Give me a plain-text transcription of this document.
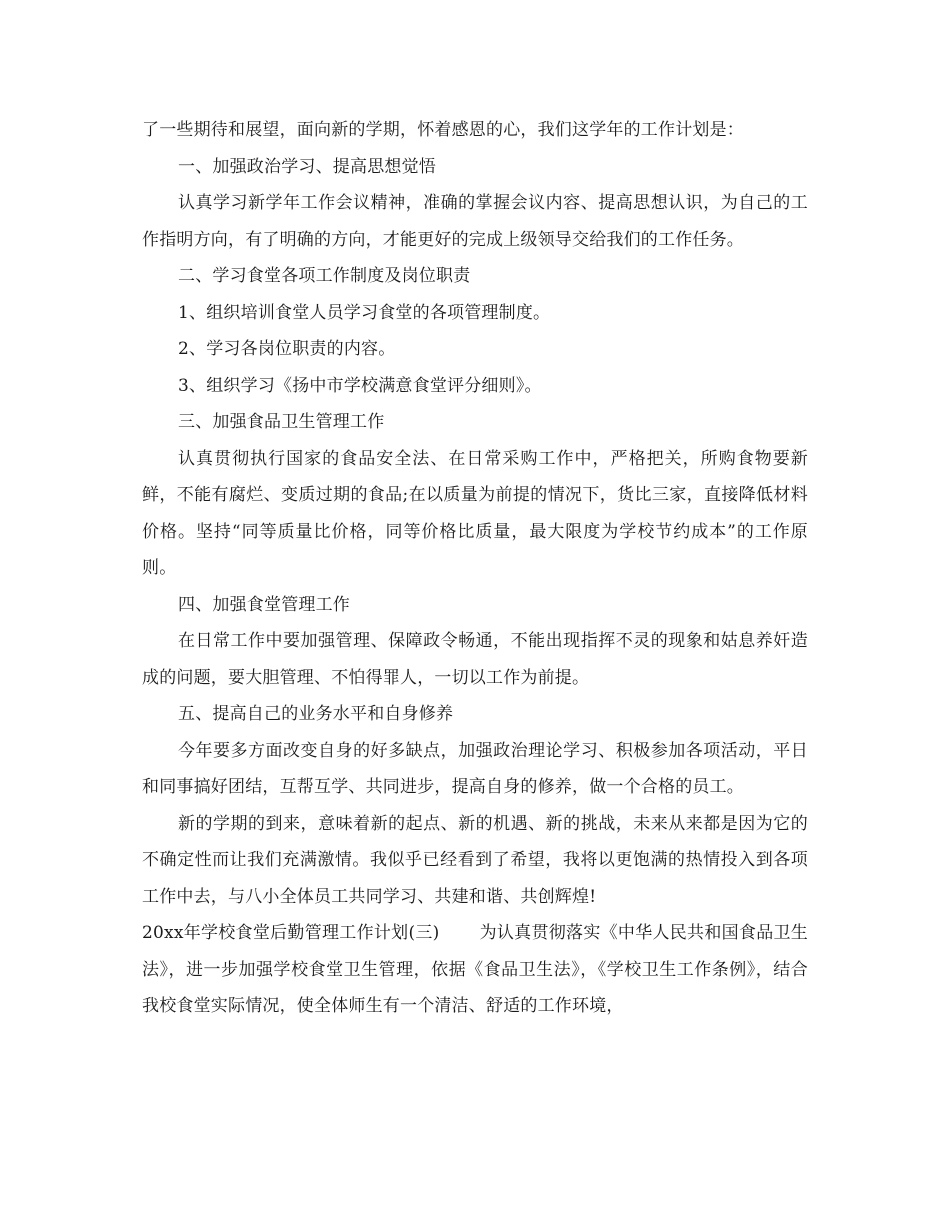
了一些期待和展望，面向新的学期，怀着感恩的心，我们这学年的工作计划是：

一、加强政治学习、提高思想觉悟

认真学习新学年工作会议精神，准确的掌握会议内容、提高思想认识，为自己的工作指明方向，有了明确的方向，才能更好的完成上级领导交给我们的工作任务。

二、学习食堂各项工作制度及岗位职责

1、组织培训食堂人员学习食堂的各项管理制度。

2、学习各岗位职责的内容。

3、组织学习《扬中市学校满意食堂评分细则》。

三、加强食品卫生管理工作

认真贯彻执行国家的食品安全法、在日常采购工作中，严格把关，所购食物要新鲜，不能有腐烂、变质过期的食品;在以质量为前提的情况下，货比三家，直接降低材料价格。坚持“同等质量比价格，同等价格比质量，最大限度为学校节约成本”的工作原则。

四、加强食堂管理工作

在日常工作中要加强管理、保障政令畅通，不能出现指挥不灵的现象和姑息养奸造成的问题，要大胆管理、不怕得罪人，一切以工作为前提。

五、提高自己的业务水平和自身修养

今年要多方面改变自身的好多缺点，加强政治理论学习、积极参加各项活动，平日和同事搞好团结，互帮互学、共同进步，提高自身的修养，做一个合格的员工。

新的学期的到来，意味着新的起点、新的机遇、新的挑战，未来从来都是因为它的不确定性而让我们充满激情。我似乎已经看到了希望，我将以更饱满的热情投入到各项工作中去，与八小全体员工共同学习、共建和谐、共创辉煌!

20xx年学校食堂后勤管理工作计划(三) 为认真贯彻落实《中华人民共和国食品卫生法》，进一步加强学校食堂卫生管理，依据《食品卫生法》，《学校卫生工作条例》，结合我校食堂实际情况，使全体师生有一个清洁、舒适的工作环境，
